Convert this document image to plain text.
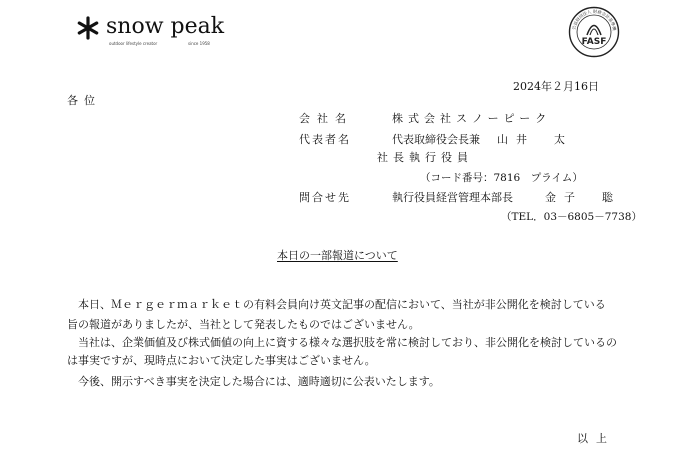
snow peak
outdoor lifestyle creator	since 1958
公益財団法人 財務会計基準機
FASF
2024年２月16日
各位
会社名	株式会社スノーピーク
代表者名	代表取締役会長兼 山井　太
社長執行役員
（コード番号：7816　プライム）
問合せ先	執行役員経営管理本部長	金子　聡
（TEL．03－6805－7738）
本日の一部報道について
　本日、Ｍｅｒｇｅｒｍａｒｋｅｔの有料会員向け英文記事の配信において、当社が非公開化を検討している
旨の報道がありましたが、当社として発表したものではございません。
　当社は、企業価値及び株式価値の向上に資する様々な選択肢を常に検討しており、非公開化を検討しているの
は事実ですが、現時点において決定した事実はございません。
　今後、開示すべき事実を決定した場合には、適時適切に公表いたします。
以上
